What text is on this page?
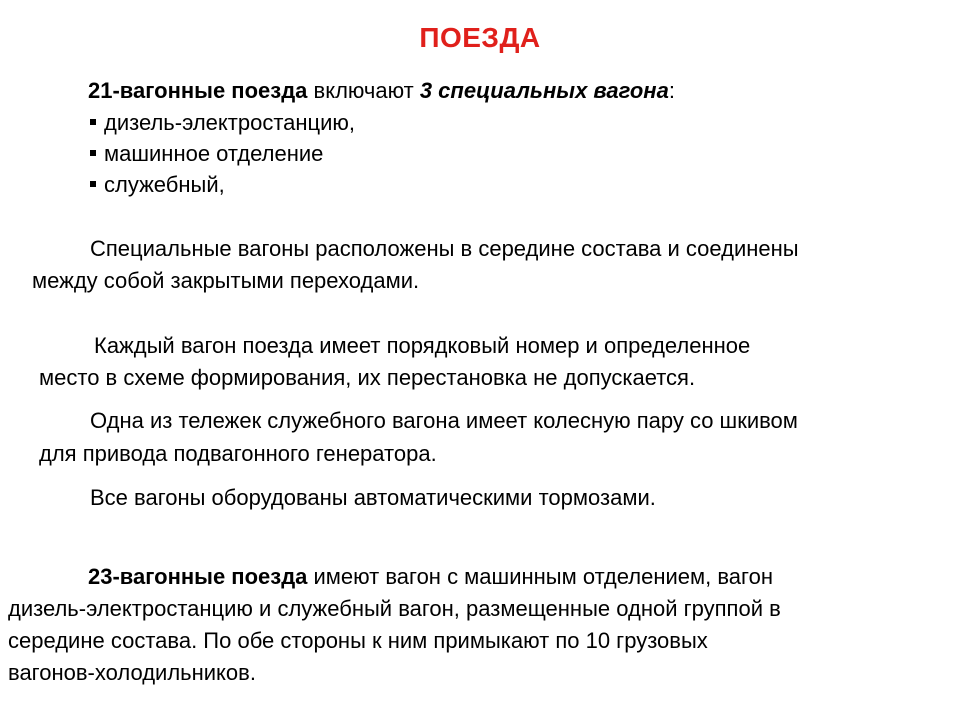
ПОЕЗДА
21-вагонные поезда включают 3 специальных вагона:
дизель-электростанцию,
машинное отделение
служебный,
Специальные вагоны расположены в середине состава и соединены
между собой закрытыми переходами.
Каждый вагон поезда имеет порядковый номер и определенное
место в схеме формирования, их перестановка не допускается.
Одна из тележек служебного вагона имеет колесную пару со шкивом
для привода подвагонного генератора.
Все вагоны оборудованы автоматическими тормозами.
23-вагонные поезда имеют вагон с машинным отделением, вагон
дизель-электростанцию и служебный вагон, размещенные одной группой в
середине состава. По обе стороны к ним примыкают по 10 грузовых
вагонов-холодильников.
